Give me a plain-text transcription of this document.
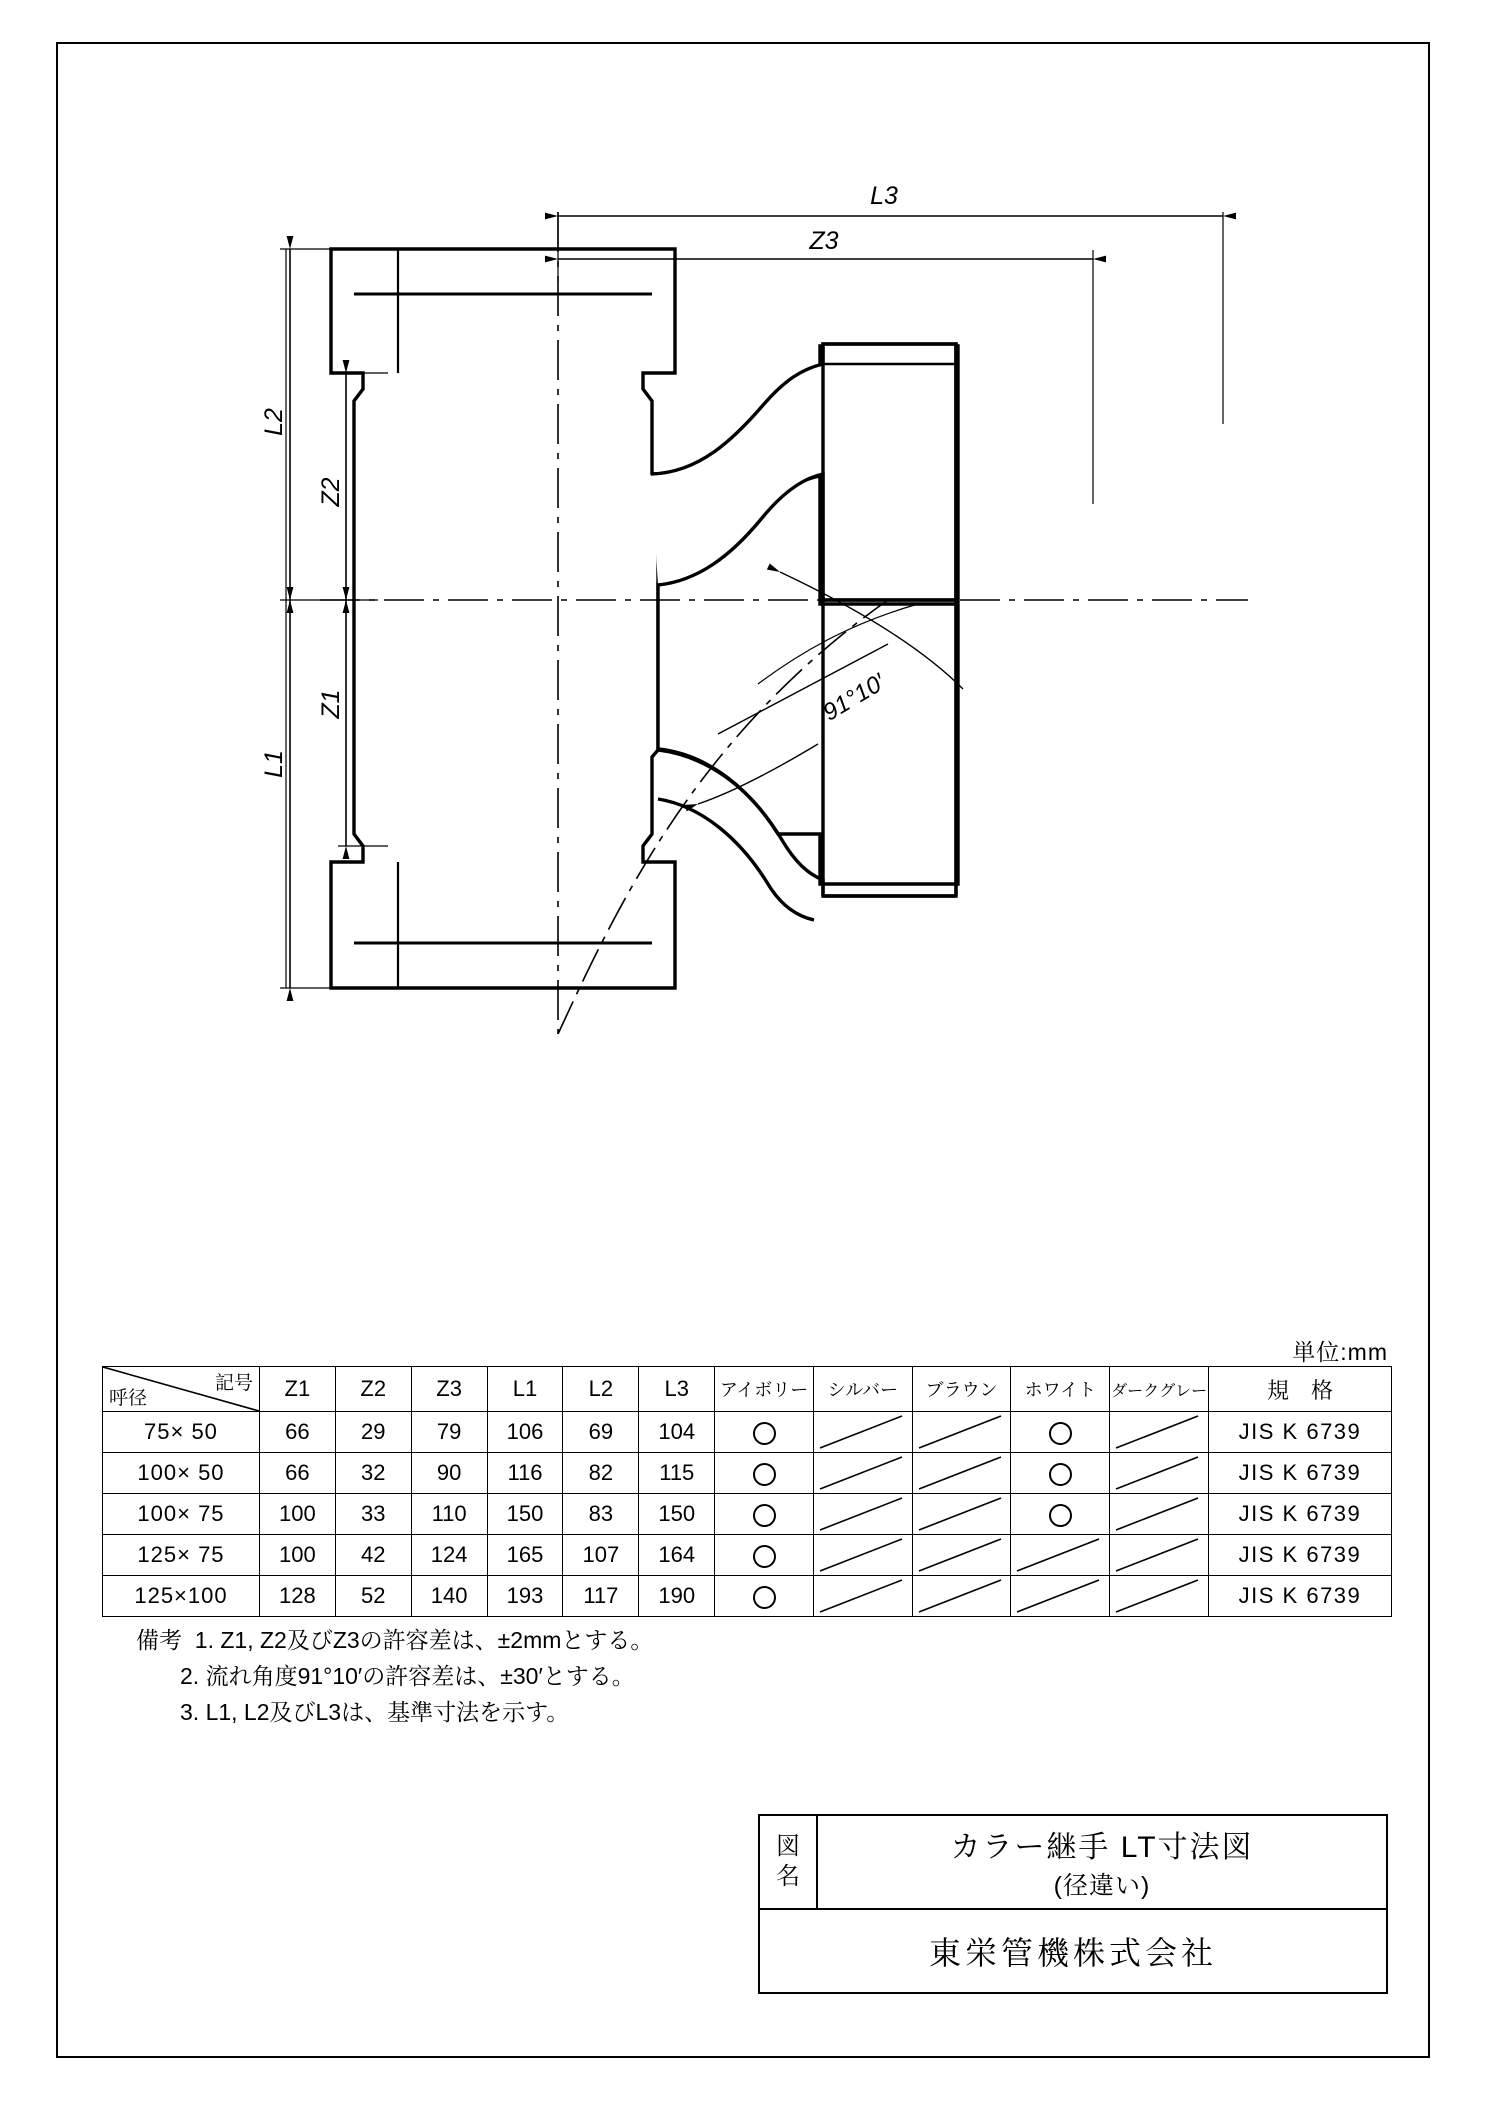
L3
Z3
L2
Z2
Z1
L1
91°10′
単位:mm
記号
呼径	Z1	Z2	Z3	L1	L2	L3	アイボリー	シルバー	ブラウン	ホワイト	ダークグレー	規　格
75× 50	66	29	79	106	69	104						JIS K 6739
100× 50	66	32	90	116	82	115						JIS K 6739
100× 75	100	33	110	150	83	150						JIS K 6739
125× 75	100	42	124	165	107	164						JIS K 6739
125×100	128	52	140	193	117	190						JIS K 6739
備考 1. Z1, Z2及びZ3の許容差は、±2mmとする。
2. 流れ角度91°10′の許容差は、±30′とする。
3. L1, L2及びL3は、基準寸法を示す。
図
名
カラー継手 LT寸法図
(径違い)
東栄管機株式会社
